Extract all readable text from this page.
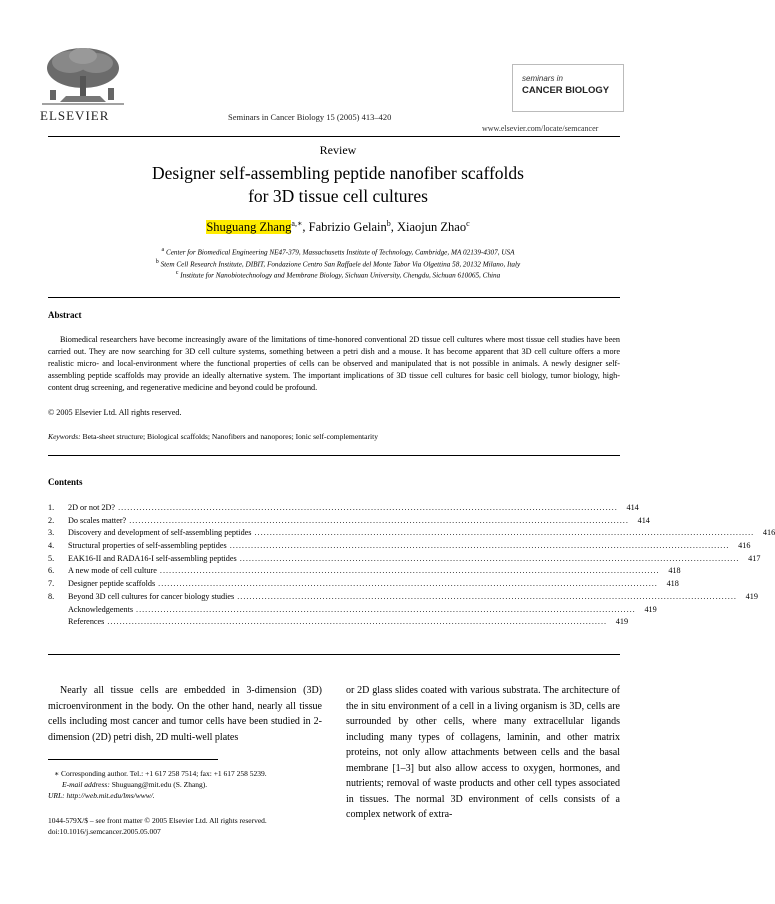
ELSEVIER	Seminars in Cancer Biology 15 (2005) 413–420
seminars in
CANCER BIOLOGY
www.elsevier.com/locate/semcancer
Review
Designer self-assembling peptide nanofiber scaffolds
for 3D tissue cell cultures
Shuguang Zhang$^{a,∗}$, Fabrizio Gelain$^b$, Xiaojun Zhao$^c$
$^a$ Center for Biomedical Engineering NE47-379, Massachusetts Institute of Technology, Cambridge, MA 02139-4307, USA
$^b$ Stem Cell Research Institute, DIBIT, Fondazione Centro San Raffaele del Monte Tabor Via Olgettina 58, 20132 Milano, Italy
$^c$ Institute for Nanobiotechnology and Membrane Biology, Sichuan University, Chengdu, Sichuan 610065, China
Abstract

Biomedical researchers have become increasingly aware of the limitations of time-honored conventional 2D tissue cell cultures where most tissue cell studies have been carried out. They are now searching for 3D cell culture systems, something between a petri dish and a mouse. It has become apparent that 3D cell culture offers a more realistic micro- and local-environment where the functional properties of cells can be observed and manipulated that is not possible in animals. A newly designer self-assembling peptide scaffolds may provide an ideally alternative system. The important implications of 3D tissue cell cultures for basic cell biology, tumor biology, high-content drug screening, and regenerative medicine and beyond could be profound.

© 2005 Elsevier Ltd. All rights reserved.
Keywords: Beta-sheet structure; Biological scaffolds; Nanofibers and nanopores; Ionic self-complementarity
Contents
1.	2D or not 2D? ....................................................................................................................................................................	414
2.	Do scales matter? ....................................................................................................................................................................	414
3.	Discovery and development of self-assembling peptides ....................................................................................................................................................................	416
4.	Structural properties of self-assembling peptides ....................................................................................................................................................................	416
5.	EAK16-II and RADA16-I self-assembling peptides ....................................................................................................................................................................	417
6.	A new mode of cell culture ....................................................................................................................................................................	418
7.	Designer peptide scaffolds ....................................................................................................................................................................	418
8.	Beyond 3D cell cultures for cancer biology studies ....................................................................................................................................................................	419
Acknowledgements ....................................................................................................................................................................	419
References ....................................................................................................................................................................	419
Nearly all tissue cells are embedded in 3-dimension (3D) microenvironment in the body. On the other hand, nearly all tissue cells including most cancer and tumor cells have been studied in 2-dimension (2D) petri dish, 2D multi-well plates
or 2D glass slides coated with various substrata. The architecture of the in situ environment of a cell in a living organism is 3D, cells are surrounded by other cells, where many extracellular ligands including many types of collagens, laminin, and other matrix proteins, not only allow attachments between cells and the basal membrane [1–3] but also allow access to oxygen, hormones, and nutrients; removal of waste products and other cell types associated in tissues. The normal 3D environment of cells consists of a complex network of extra-
∗ Corresponding author. Tel.: +1 617 258 7514; fax: +1 617 258 5239.
E-mail address: Shuguang@mit.edu (S. Zhang).
URL: http://web.mit.edu/lms/www/.
1044-579X/$ – see front matter © 2005 Elsevier Ltd. All rights reserved.
doi:10.1016/j.semcancer.2005.05.007
